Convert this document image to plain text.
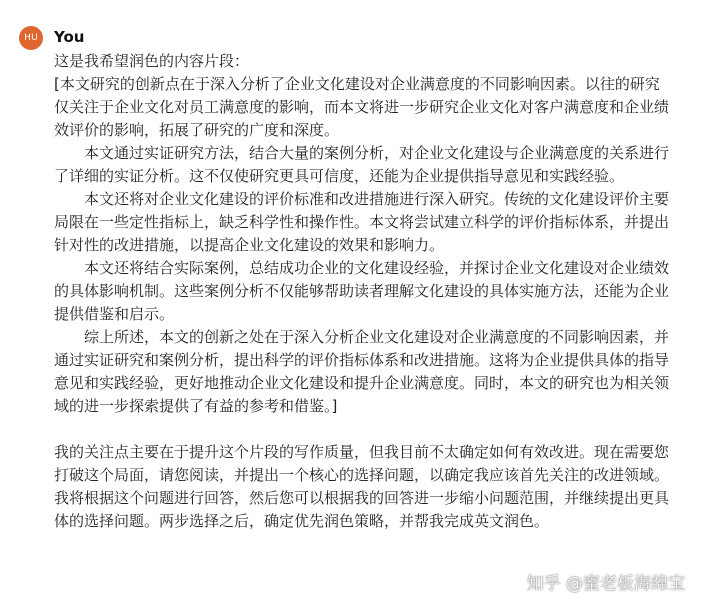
HU	You

这是我希望润色的内容片段：

[本文研究的创新点在于深入分析了企业文化建设对企业满意度的不同影响因素。以往的研究仅关注于企业文化对员工满意度的影响，而本文将进一步研究企业文化对客户满意度和企业绩效评价的影响，拓展了研究的广度和深度。

本文通过实证研究方法，结合大量的案例分析，对企业文化建设与企业满意度的关系进行了详细的实证分析。这不仅使研究更具可信度，还能为企业提供指导意见和实践经验。

本文还将对企业文化建设的评价标准和改进措施进行深入研究。传统的文化建设评价主要局限在一些定性指标上，缺乏科学性和操作性。本文将尝试建立科学的评价指标体系，并提出针对性的改进措施，以提高企业文化建设的效果和影响力。

本文还将结合实际案例，总结成功企业的文化建设经验，并探讨企业文化建设对企业绩效的具体影响机制。这些案例分析不仅能够帮助读者理解文化建设的具体实施方法，还能为企业提供借鉴和启示。

综上所述，本文的创新之处在于深入分析企业文化建设对企业满意度的不同影响因素，并通过实证研究和案例分析，提出科学的评价指标体系和改进措施。这将为企业提供具体的指导意见和实践经验，更好地推动企业文化建设和提升企业满意度。同时，本文的研究也为相关领域的进一步探索提供了有益的参考和借鉴。]

我的关注点主要在于提升这个片段的写作质量，但我目前不太确定如何有效改进。现在需要您打破这个局面，请您阅读，并提出一个核心的选择问题，以确定我应该首先关注的改进领域。我将根据这个问题进行回答，然后您可以根据我的回答进一步缩小问题范围，并继续提出更具体的选择问题。两步选择之后，确定优先润色策略，并帮我完成英文润色。

知乎 @蜜老板海绵宝
